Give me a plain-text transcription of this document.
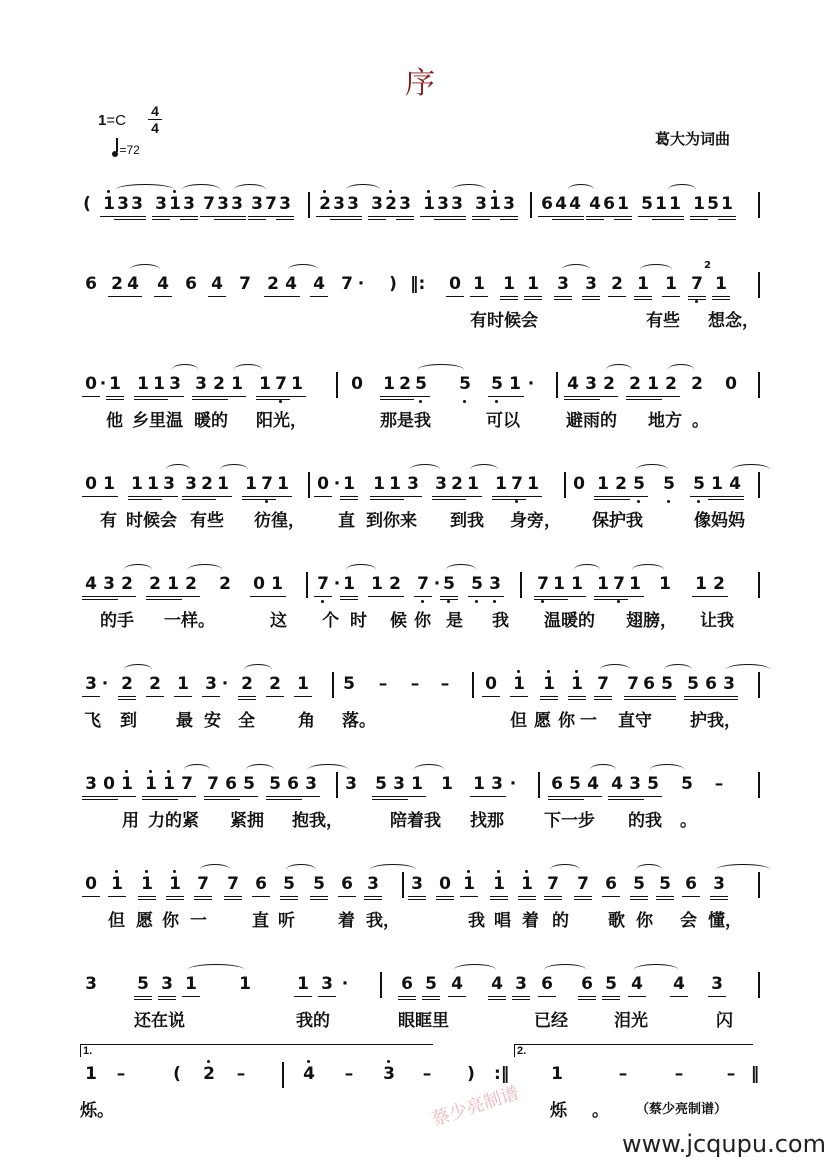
序
1=C
4
4
=72
葛大为词曲
( 1 3 3 3 1 3 7 3 3 3 7 3 2 3 3 3 2 3 1 3 3 3 1 3 6 4 4 4 6 1 5 1 1 1 5 1
6 2 4 4 6 4 7 2 4 4 7 · ) ‖: 0 1 1 1 3 3 2 1 1 7 1
2
有时候会	有些 想念，
0 · 1 1 1 3 3 2 1 1 7 1	0 1 2 5 5 5 1 · 4 3 2 2 1 2 2 0
他 乡里温 暖的 阳光，	那是我	可以	避雨的 地方 。
0 1 1 1 3 3 2 1 1 7 1 0 · 1 1 1 3 3 2 1 1 7 1 0 1 2 5 5 5 1 4
有 时候会 有些 彷徨， 直 到你来 到我 身旁， 保护我	像妈妈
4 3 2 2 1 2 2 0 1 7 · 1 1 2 7 · 5 5 3 7 1 1 1 7 1 1 1 2
的手 一样。	这 个 时 候 你 是 我 温暖的 翅膀， 让我
3 · 2 2 1 3 · 2 2 1 5 – – – 0 1 1 1 7 7 6 5 5 6 3
飞 到 最 安 全	角 落。	但 愿 你 一 直守 护我，
3 0 1 1 1 7 7 6 5 5 6 3 3 5 3 1 1 1 3 · 6 5 4 4 3 5 5 –
用 力的紧 紧拥 抱我，	陪着我 找那 下一步 的我 。
0 1 1 1 7 7 6 5 5 6 3 3 0 1 1 1 7 7 6 5 5 6 3
但 愿 你 一	直 听	着 我，	我 唱 着 的 歌 你 会 懂，
3 5 3 1 1	1 3 ·	6 5 4 4 3 6 6 5 4 4 3
还在说	我的	眼眶里	已经	泪光	闪
1 –	( 2 –	4 – 3 – ) :‖ 1	–	–	– ‖
烁。	烁 。
1.	2.
蔡少亮制谱	（蔡少亮制谱）
www.jcqupu.com
